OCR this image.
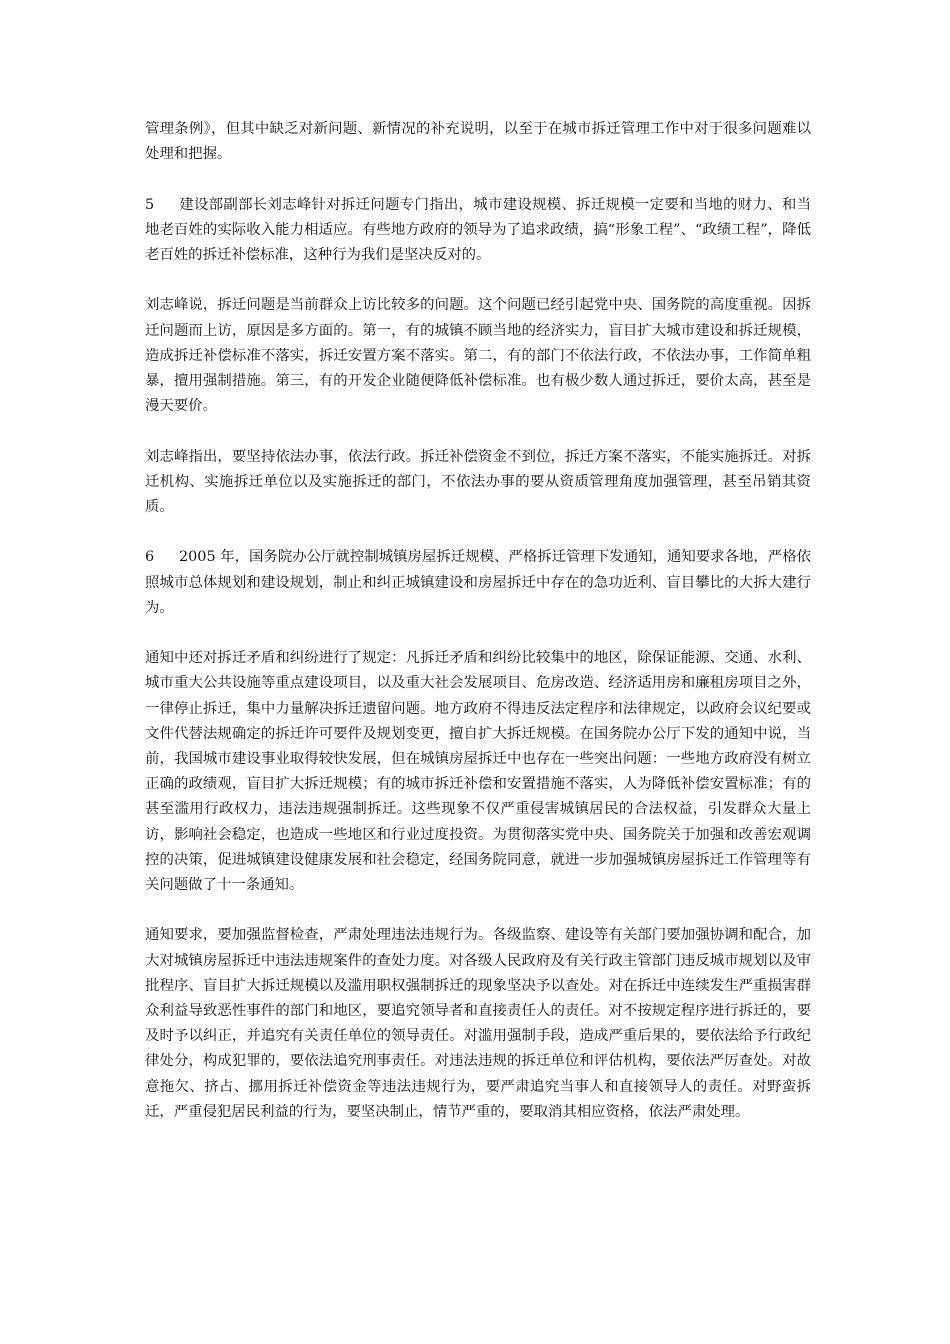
管理条例》，但其中缺乏对新问题、新情况的补充说明，以至于在城市拆迁管理工作中对于很多问题难以处理和把握。

5 建设部副部长刘志峰针对拆迁问题专门指出，城市建设规模、拆迁规模一定要和当地的财力、和当地老百姓的实际收入能力相适应。有些地方政府的领导为了追求政绩，搞“形象工程”、“政绩工程”，降低老百姓的拆迁补偿标准，这种行为我们是坚决反对的。

刘志峰说，拆迁问题是当前群众上访比较多的问题。这个问题已经引起党中央、国务院的高度重视。因拆迁问题而上访，原因是多方面的。第一，有的城镇不顾当地的经济实力，盲目扩大城市建设和拆迁规模，造成拆迁补偿标准不落实，拆迁安置方案不落实。第二，有的部门不依法行政，不依法办事，工作简单粗暴，擅用强制措施。第三，有的开发企业随便降低补偿标准。也有极少数人通过拆迁，要价太高，甚至是漫天要价。

刘志峰指出，要坚持依法办事，依法行政。拆迁补偿资金不到位，拆迁方案不落实，不能实施拆迁。对拆迁机构、实施拆迁单位以及实施拆迁的部门，不依法办事的要从资质管理角度加强管理，甚至吊销其资质。

6 2005 年，国务院办公厅就控制城镇房屋拆迁规模、严格拆迁管理下发通知，通知要求各地，严格依照城市总体规划和建设规划，制止和纠正城镇建设和房屋拆迁中存在的急功近利、盲目攀比的大拆大建行为。

通知中还对拆迁矛盾和纠纷进行了规定：凡拆迁矛盾和纠纷比较集中的地区，除保证能源、交通、水利、城市重大公共设施等重点建设项目，以及重大社会发展项目、危房改造、经济适用房和廉租房项目之外，一律停止拆迁，集中力量解决拆迁遗留问题。地方政府不得违反法定程序和法律规定，以政府会议纪要或文件代替法规确定的拆迁许可要件及规划变更，擅自扩大拆迁规模。在国务院办公厅下发的通知中说，当前，我国城市建设事业取得较快发展，但在城镇房屋拆迁中也存在一些突出问题：一些地方政府没有树立正确的政绩观，盲目扩大拆迁规模；有的城市拆迁补偿和安置措施不落实，人为降低补偿安置标准；有的甚至滥用行政权力，违法违规强制拆迁。这些现象不仅严重侵害城镇居民的合法权益，引发群众大量上访，影响社会稳定，也造成一些地区和行业过度投资。为贯彻落实党中央、国务院关于加强和改善宏观调控的决策，促进城镇建设健康发展和社会稳定，经国务院同意，就进一步加强城镇房屋拆迁工作管理等有关问题做了十一条通知。

通知要求，要加强监督检查，严肃处理违法违规行为。各级监察、建设等有关部门要加强协调和配合，加大对城镇房屋拆迁中违法违规案件的查处力度。对各级人民政府及有关行政主管部门违反城市规划以及审批程序、盲目扩大拆迁规模以及滥用职权强制拆迁的现象坚决予以查处。对在拆迁中连续发生严重损害群众利益导致恶性事件的部门和地区，要追究领导者和直接责任人的责任。对不按规定程序进行拆迁的，要及时予以纠正，并追究有关责任单位的领导责任。对滥用强制手段，造成严重后果的，要依法给予行政纪律处分，构成犯罪的，要依法追究刑事责任。对违法违规的拆迁单位和评估机构，要依法严厉查处。对故意拖欠、挤占、挪用拆迁补偿资金等违法违规行为，要严肃追究当事人和直接领导人的责任。对野蛮拆迁，严重侵犯居民利益的行为，要坚决制止，情节严重的，要取消其相应资格，依法严肃处理。
